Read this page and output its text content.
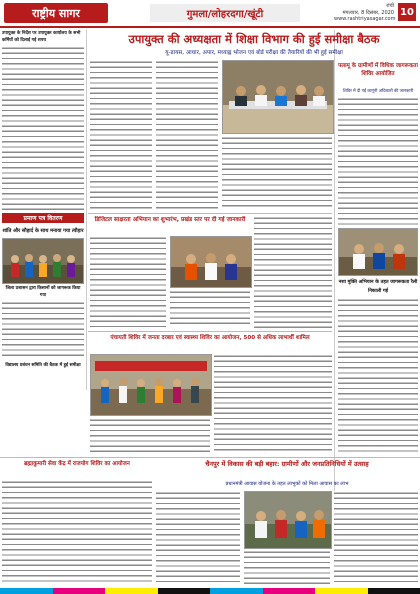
राष्ट्रीय सागर	गुमला/लोहरदगा/खूंटी
रांची
मंगलवार, 8 दिसंबर, 2020
www.rashtriyasagar.com
10
उपायुक्त की अध्यक्षता में शिक्षा विभाग की हुई समीक्षा बैठक
यू-डायस, आधार, अपार, मध्याह्न भोजन एवं बोर्ड परीक्षा की तैयारियों की भी हुई समीक्षा
उपायुक्त के निर्देश पर उपायुक्त कार्यालय के सभी कर्मियों को दिलाई गई शपथ
प्रमाण पत्र वितरण
शांति और सौहार्द के साथ मनाया गया त्यौहार
जिला प्रशासन द्वारा किसानों को जागरूक किया गया
विद्यालय प्रबंधन समिति की बैठक में हुई समीक्षा
डिजिटल साक्षरता अभियान का शुभारंभ, प्रखंड स्तर पर दी गई जानकारी
पंचायती शिविर में जनता दरबार एवं स्वास्थ्य शिविर का आयोजन, 500 से अधिक लाभार्थी शामिल
पलामू के ग्रामीणों में विधिक जागरूकता शिविर आयोजित
शिविर में दी गई कानूनी अधिकारों की जानकारी
नशा मुक्ति अभियान के तहत जागरूकता रैली निकाली गई
ब्रह्माकुमारी सेवा केंद्र में राजयोग शिविर का आयोजन	चैनपुर में विकास की बड़ी बहार: ग्रामीणों और जनप्रतिनिधियों में उत्साह
प्रधानमंत्री आवास योजना के तहत लाभुकों को मिला आवास का लाभ
